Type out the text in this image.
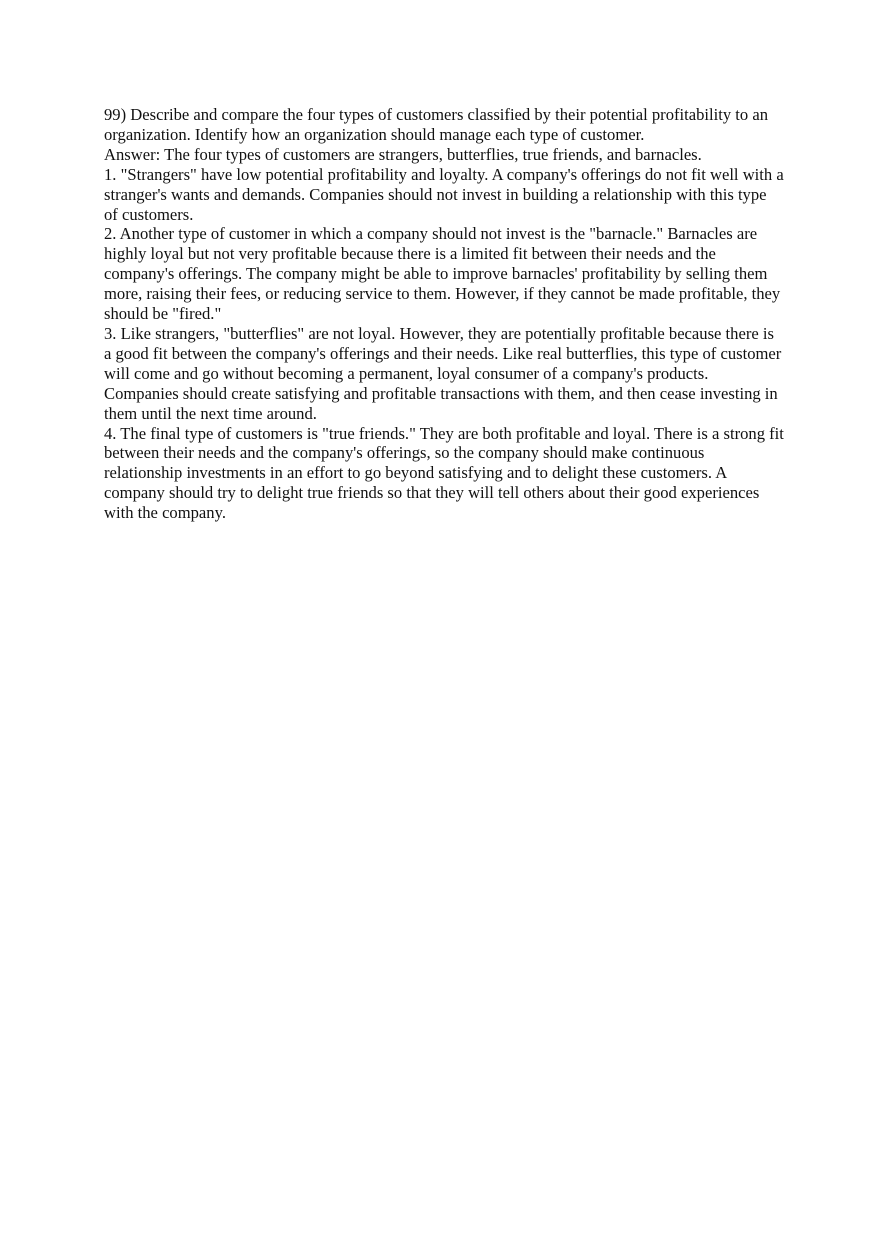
99) Describe and compare the four types of customers classified by their potential profitability to an organization. Identify how an organization should manage each type of customer.

Answer: The four types of customers are strangers, butterflies, true friends, and barnacles.

1. "Strangers" have low potential profitability and loyalty. A company's offerings do not fit well with a stranger's wants and demands. Companies should not invest in building a relationship with this type of customers.

2. Another type of customer in which a company should not invest is the "barnacle." Barnacles are highly loyal but not very profitable because there is a limited fit between their needs and the company's offerings. The company might be able to improve barnacles' profitability by selling them more, raising their fees, or reducing service to them. However, if they cannot be made profitable, they should be "fired."

3. Like strangers, "butterflies" are not loyal. However, they are potentially profitable because there is a good fit between the company's offerings and their needs. Like real butterflies, this type of customer will come and go without becoming a permanent, loyal consumer of a company's products. Companies should create satisfying and profitable transactions with them, and then cease investing in them until the next time around.

4. The final type of customers is "true friends." They are both profitable and loyal. There is a strong fit between their needs and the company's offerings, so the company should make continuous relationship investments in an effort to go beyond satisfying and to delight these customers. A company should try to delight true friends so that they will tell others about their good experiences with the company.
